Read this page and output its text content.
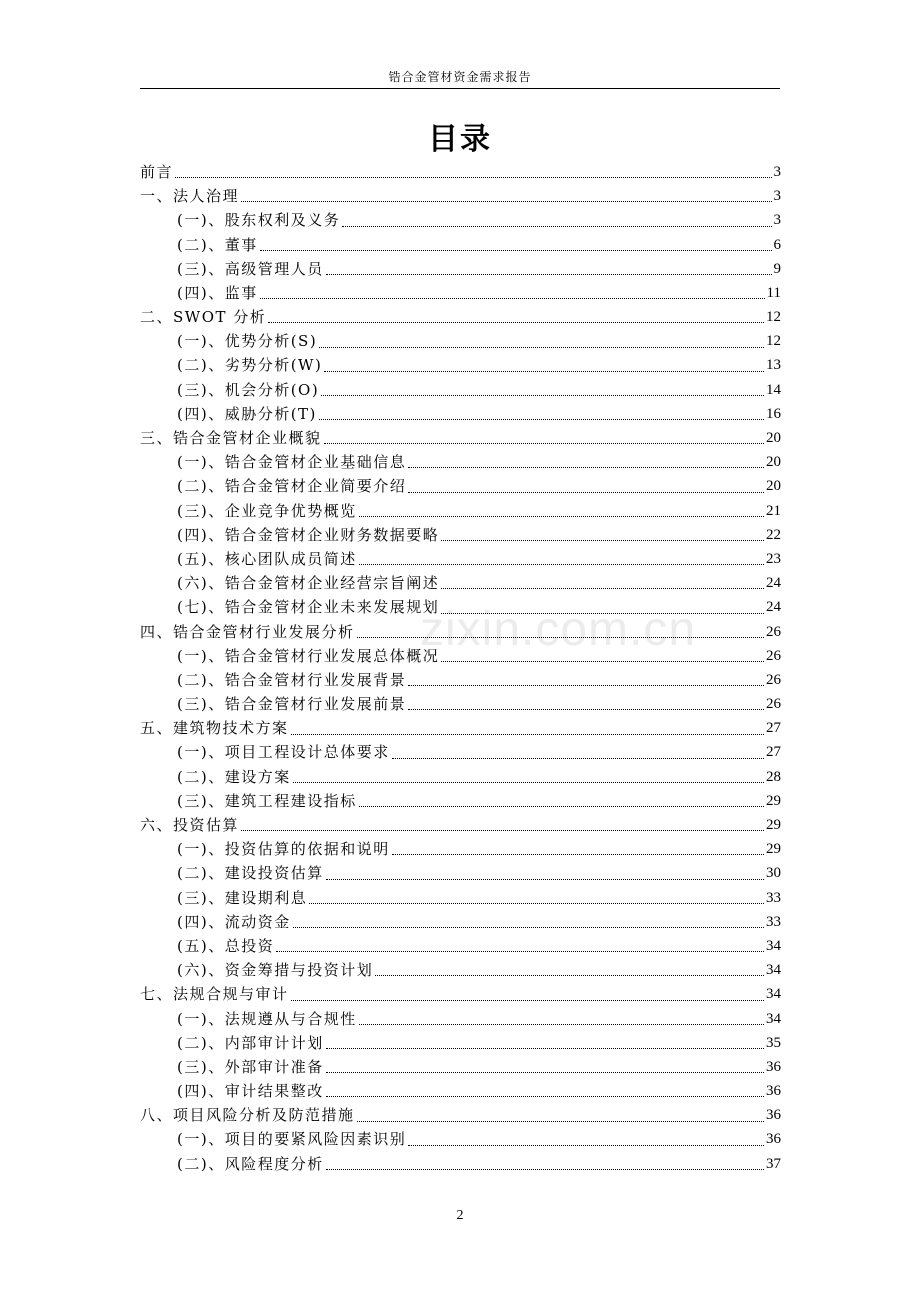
锆合金管材资金需求报告
目录
zixin.com.cn
前言	3
一、法人治理	3
(一)、股东权利及义务	3
(二)、董事	6
(三)、高级管理人员	9
(四)、监事	11
二、SWOT 分析	12
(一)、优势分析(S)	12
(二)、劣势分析(W)	13
(三)、机会分析(O)	14
(四)、威胁分析(T)	16
三、锆合金管材企业概貌	20
(一)、锆合金管材企业基础信息	20
(二)、锆合金管材企业简要介绍	20
(三)、企业竞争优势概览	21
(四)、锆合金管材企业财务数据要略	22
(五)、核心团队成员简述	23
(六)、锆合金管材企业经营宗旨阐述	24
(七)、锆合金管材企业未来发展规划	24
四、锆合金管材行业发展分析	26
(一)、锆合金管材行业发展总体概况	26
(二)、锆合金管材行业发展背景	26
(三)、锆合金管材行业发展前景	26
五、建筑物技术方案	27
(一)、项目工程设计总体要求	27
(二)、建设方案	28
(三)、建筑工程建设指标	29
六、投资估算	29
(一)、投资估算的依据和说明	29
(二)、建设投资估算	30
(三)、建设期利息	33
(四)、流动资金	33
(五)、总投资	34
(六)、资金筹措与投资计划	34
七、法规合规与审计	34
(一)、法规遵从与合规性	34
(二)、内部审计计划	35
(三)、外部审计准备	36
(四)、审计结果整改	36
八、项目风险分析及防范措施	36
(一)、项目的要紧风险因素识别	36
(二)、风险程度分析	37
2
